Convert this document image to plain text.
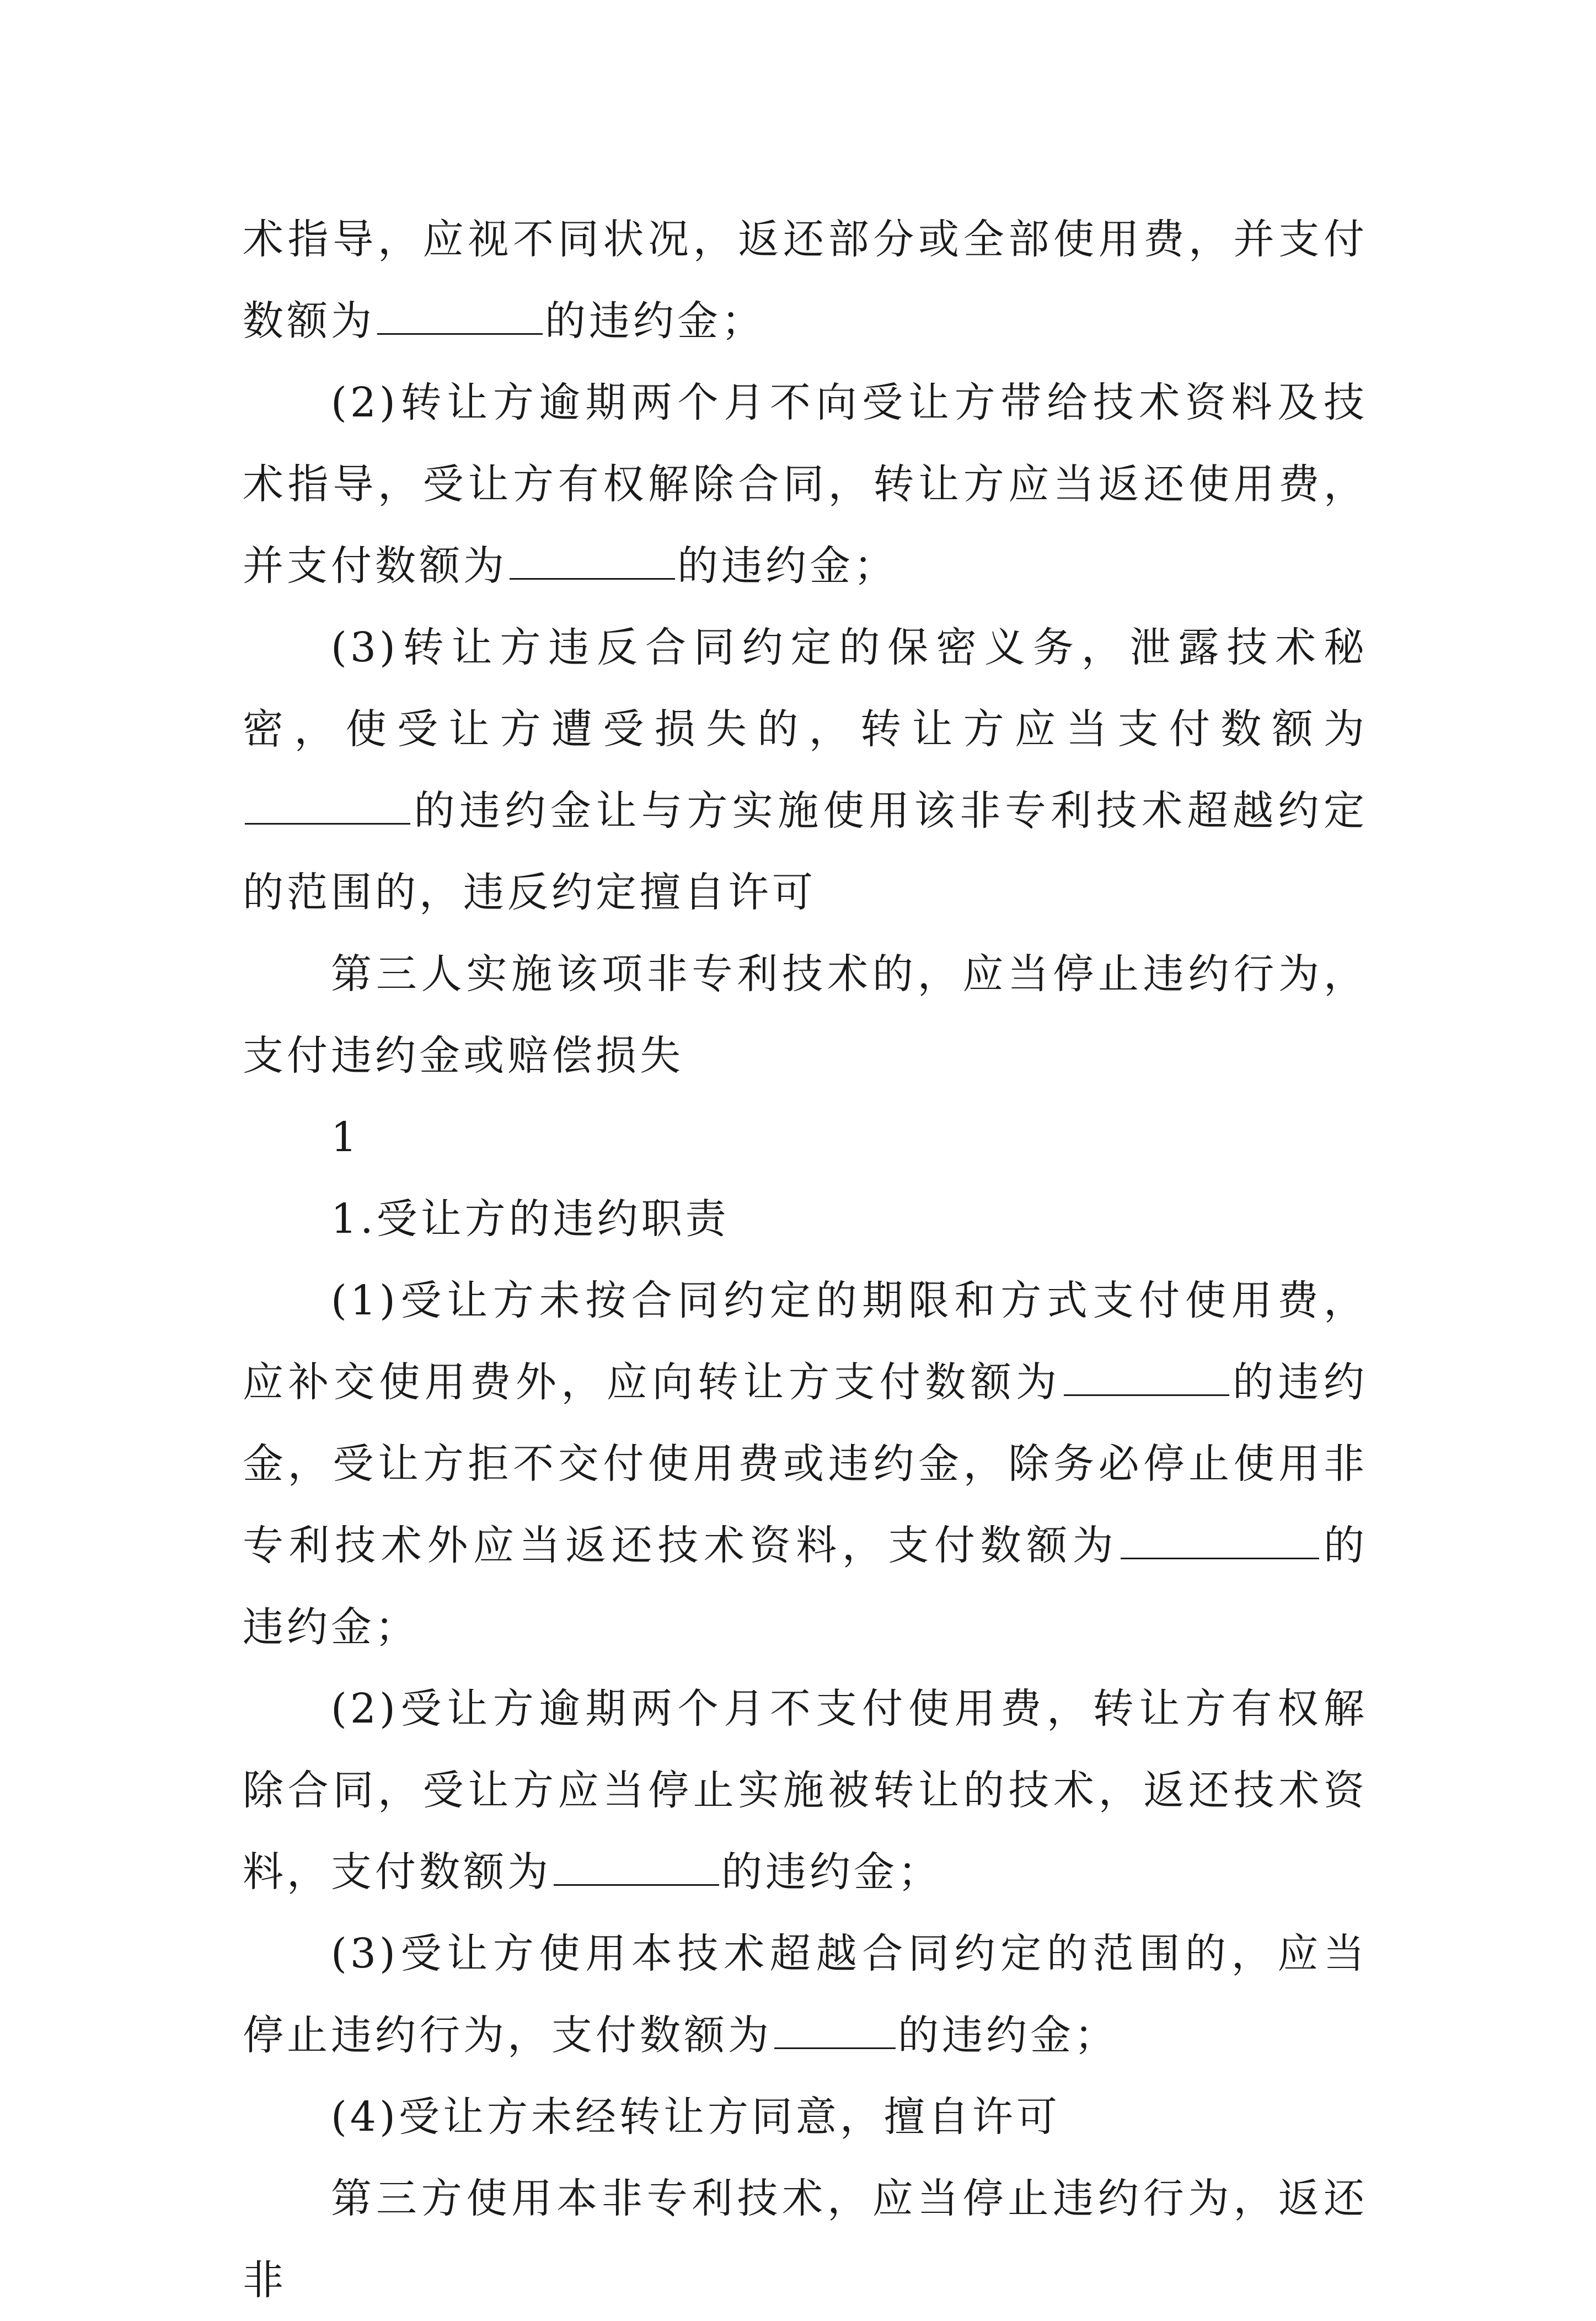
术指导，应视不同状况，返还部分或全部使用费，并支付数额为	的违约金；

(2)转让方逾期两个月不向受让方带给技术资料及技术指导，受让方有权解除合同，转让方应当返还使用费，并支付数额为	的违约金；

(3)转让方违反合同约定的保密义务，泄露技术秘密，使受让方遭受损失的，转让方应当支付数额为的违约金让与方实施使用该非专利技术超越约定的范围的，违反约定擅自许可

第三人实施该项非专利技术的，应当停止违约行为，支付违约金或赔偿损失

1

1.受让方的违约职责

(1)受让方未按合同约定的期限和方式支付使用费，应补交使用费外，应向转让方支付数额为	的违约金，受让方拒不交付使用费或违约金，除务必停止使用非专利技术外应当返还技术资料，支付数额为	的违约金；

(2)受让方逾期两个月不支付使用费，转让方有权解除合同，受让方应当停止实施被转让的技术，返还技术资料，支付数额为	的违约金；

(3)受让方使用本技术超越合同约定的范围的，应当停止违约行为，支付数额为	的违约金；

(4)受让方未经转让方同意，擅自许可

第三方使用本非专利技术，应当停止违约行为，返还非
